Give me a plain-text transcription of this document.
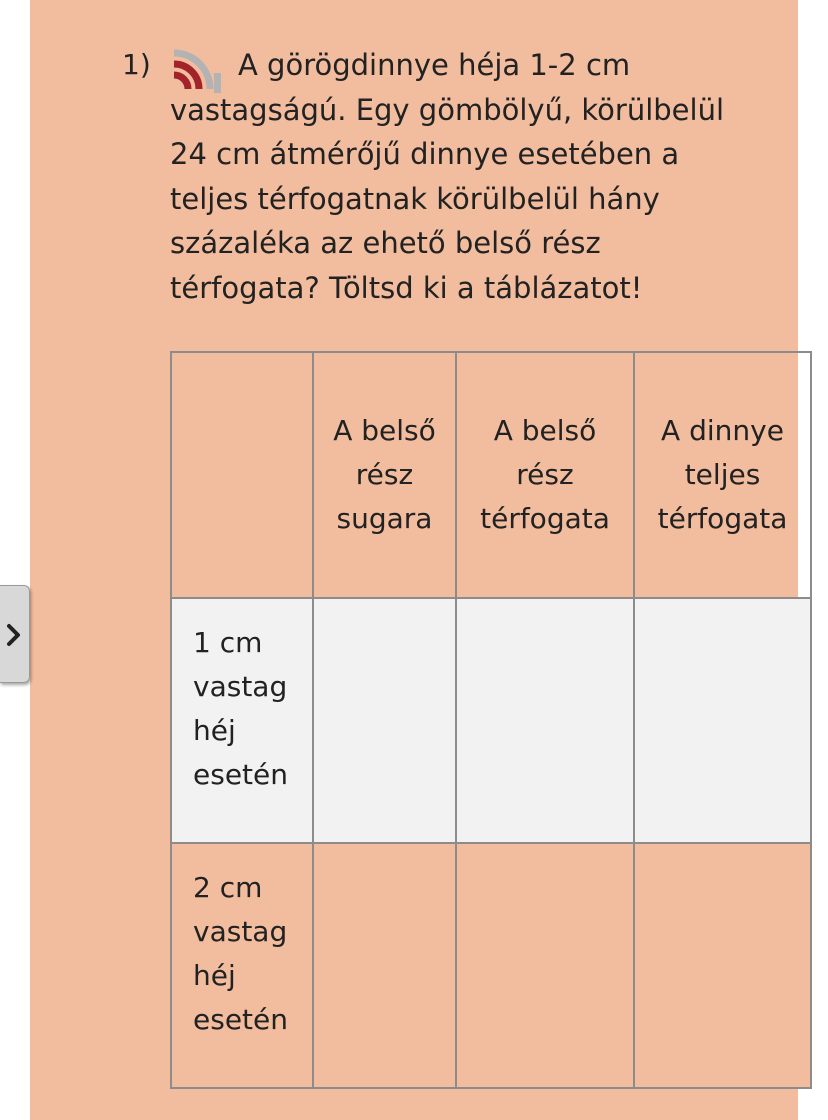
1)	A görögdinnye héja 1-2 cm vastagságú. Egy gömbölyű, körülbelül 24 cm átmérőjű dinnye esetében a teljes térfogatnak körülbelül hány százaléka az ehető belső rész térfogata? Töltsd ki a táblázatot!
	A belső rész sugara	A belső rész térfogata	A dinnye teljes térfogata
1 cm vastag héj esetén	

2 cm vastag héj esetén	
